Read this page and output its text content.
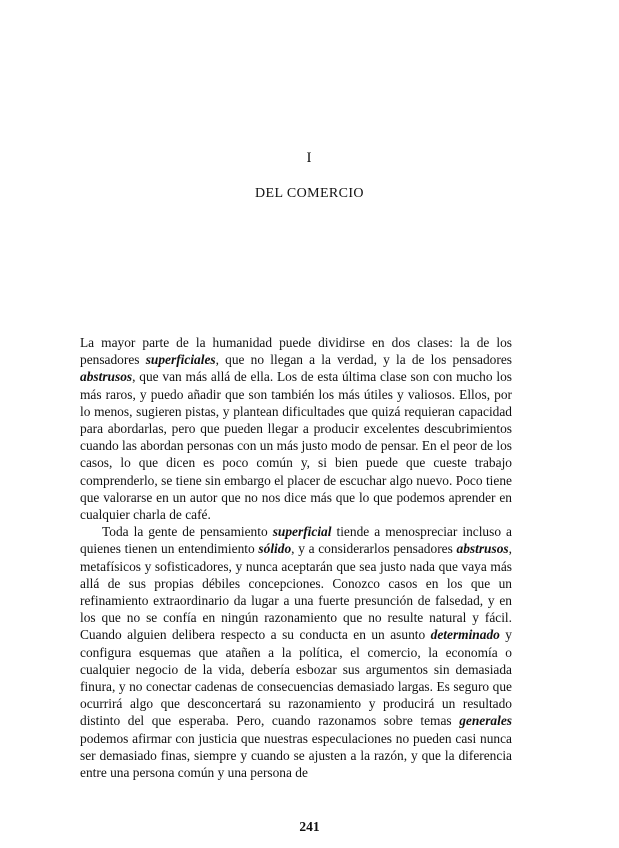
I
DEL COMERCIO

La mayor parte de la humanidad puede dividirse en dos clases: la de los pensadores superficiales, que no llegan a la verdad, y la de los pensadores abstrusos, que van más allá de ella. Los de esta última clase son con mucho los más raros, y puedo añadir que son también los más útiles y valiosos. Ellos, por lo menos, sugieren pistas, y plantean dificultades que quizá requieran capacidad para abordarlas, pero que pueden llegar a producir excelentes descubrimientos cuando las abordan personas con un más justo modo de pensar. En el peor de los casos, lo que dicen es poco común y, si bien puede que cueste trabajo comprenderlo, se tiene sin embargo el placer de escuchar algo nuevo. Poco tiene que valorarse en un autor que no nos dice más que lo que podemos aprender en cualquier charla de café.

Toda la gente de pensamiento superficial tiende a menospreciar incluso a quienes tienen un entendimiento sólido, y a considerarlos pensadores abstrusos, metafísicos y sofisticadores, y nunca aceptarán que sea justo nada que vaya más allá de sus propias débiles concepciones. Conozco casos en los que un refinamiento extraordinario da lugar a una fuerte presunción de falsedad, y en los que no se confía en ningún razonamiento que no resulte natural y fácil. Cuando alguien delibera respecto a su conducta en un asunto determinado y configura esquemas que atañen a la política, el comercio, la economía o cualquier negocio de la vida, debería esbozar sus argumentos sin demasiada finura, y no conectar cadenas de consecuencias demasiado largas. Es seguro que ocurrirá algo que desconcertará su razonamiento y producirá un resultado distinto del que esperaba. Pero, cuando razonamos sobre temas generales podemos afirmar con justicia que nuestras especulaciones no pueden casi nunca ser demasiado finas, siempre y cuando se ajusten a la razón, y que la diferencia entre una persona común y una persona de

241
